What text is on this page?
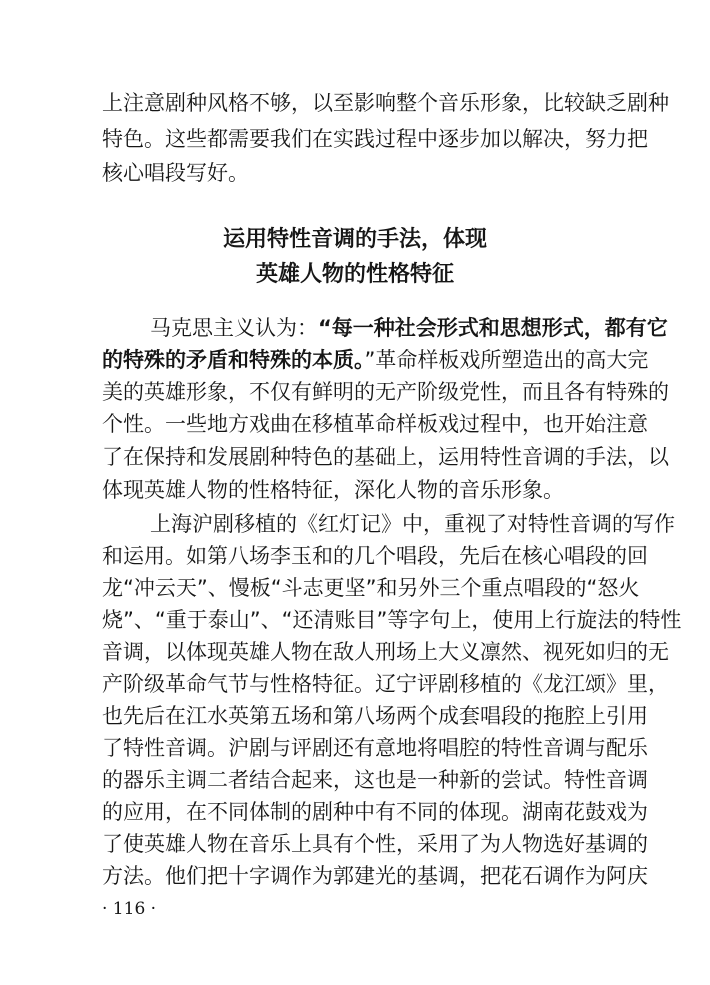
上注意剧种风格不够，以至影响整个音乐形象，比较缺乏剧种
特色。这些都需要我们在实践过程中逐步加以解决，努力把
核心唱段写好。
运用特性音调的手法，体现
英雄人物的性格特征
马克思主义认为：“每一种社会形式和思想形式，都有它
的特殊的矛盾和特殊的本质。”革命样板戏所塑造出的高大完
美的英雄形象，不仅有鲜明的无产阶级党性，而且各有特殊的
个性。一些地方戏曲在移植革命样板戏过程中，也开始注意
了在保持和发展剧种特色的基础上，运用特性音调的手法，以
体现英雄人物的性格特征，深化人物的音乐形象。
上海沪剧移植的《红灯记》中，重视了对特性音调的写作
和运用。如第八场李玉和的几个唱段，先后在核心唱段的回
龙“冲云天”、慢板“斗志更坚”和另外三个重点唱段的“怒火
烧”、“重于泰山”、“还清账目”等字句上，使用上行旋法的特性
音调，以体现英雄人物在敌人刑场上大义凛然、视死如归的无
产阶级革命气节与性格特征。辽宁评剧移植的《龙江颂》里，
也先后在江水英第五场和第八场两个成套唱段的拖腔上引用
了特性音调。沪剧与评剧还有意地将唱腔的特性音调与配乐
的器乐主调二者结合起来，这也是一种新的尝试。特性音调
的应用，在不同体制的剧种中有不同的体现。湖南花鼓戏为
了使英雄人物在音乐上具有个性，采用了为人物选好基调的
方法。他们把十字调作为郭建光的基调，把花石调作为阿庆
· 116 ·
